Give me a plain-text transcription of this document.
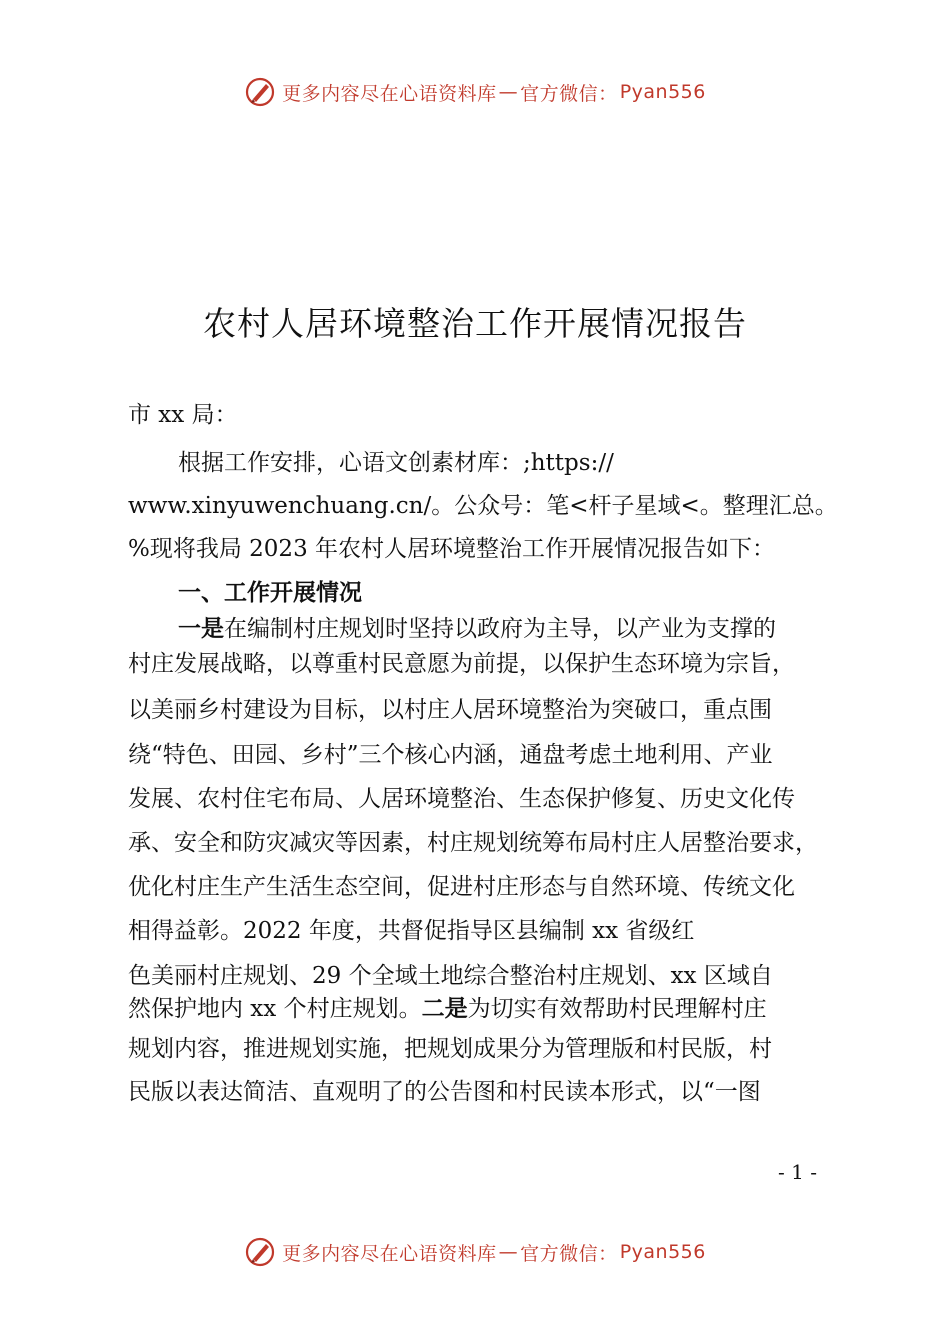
更多内容尽在心语资料库 — 官方微信： Pyan556
农村人居环境整治工作开展情况报告
市 xx 局：
根据工作安排，心语文创素材库：;https://
www.xinyuwenchuang.cn/。公众号：笔<杆子星域<。整理汇总。
%现将我局 2023 年农村人居环境整治工作开展情况报告如下：
一、工作开展情况
一是在编制村庄规划时坚持以政府为主导，以产业为支撑的
村庄发展战略，以尊重村民意愿为前提，以保护生态环境为宗旨，
以美丽乡村建设为目标，以村庄人居环境整治为突破口，重点围
绕“特色、田园、乡村”三个核心内涵，通盘考虑土地利用、产业
发展、农村住宅布局、人居环境整治、生态保护修复、历史文化传
承、安全和防灾减灾等因素，村庄规划统筹布局村庄人居整治要求，
优化村庄生产生活生态空间，促进村庄形态与自然环境、传统文化
相得益彰。2022 年度，共督促指导区县编制 xx 省级红
色美丽村庄规划、29 个全域土地综合整治村庄规划、xx 区域自
然保护地内 xx 个村庄规划。二是为切实有效帮助村民理解村庄
规划内容，推进规划实施，把规划成果分为管理版和村民版，村
民版以表达简洁、直观明了的公告图和村民读本形式，以“一图
- 1 -
更多内容尽在心语资料库 — 官方微信： Pyan556
